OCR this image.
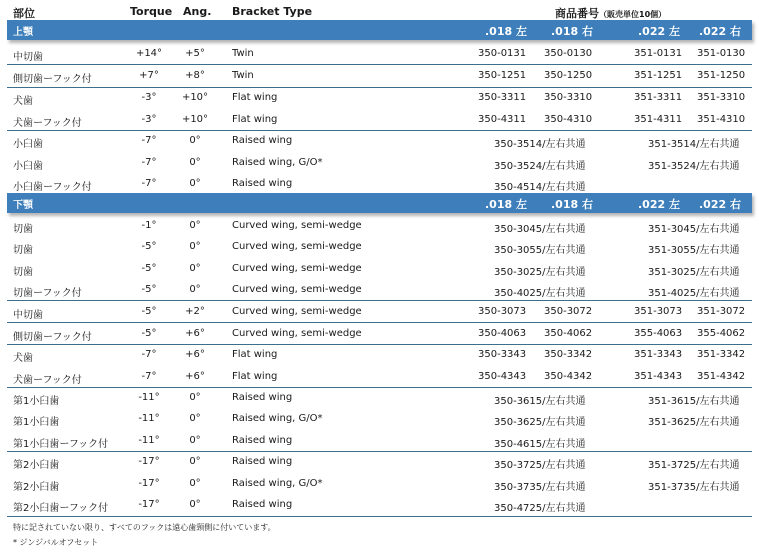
部位	Torque Ang. Bracket Type	商品番号（販売単位10個）
上顎	.018 左 .018 右	.022 左 .022 右
中切歯	+14°	+5°	Twin	350-0131 350-0130	351-0131 351-0130
側切歯ーフック付	+7°	+8°	Twin	350-1251 350-1250	351-1251 351-1250
犬歯	-3°	+10°	Flat wing	350-3311 350-3310	351-3311 351-3310
犬歯ーフック付	-3°	+10°	Flat wing	350-4311 350-4310	351-4311 351-4310
小臼歯	-7°	0°	Raised wing	350-3514/左右共通	351-3514/左右共通
小臼歯	-7°	0°	Raised wing, G/O*	350-3524/左右共通	351-3524/左右共通
小臼歯ーフック付	-7°	0°	Raised wing	350-4514/左右共通
下顎	.018 左 .018 右	.022 左 .022 右
切歯	-1°	0°	Curved wing, semi-wedge	350-3045/左右共通	351-3045/左右共通
切歯	-5°	0°	Curved wing, semi-wedge	350-3055/左右共通	351-3055/左右共通
切歯	-5°	0°	Curved wing, semi-wedge	350-3025/左右共通	351-3025/左右共通
切歯ーフック付	-5°	0°	Curved wing, semi-wedge	350-4025/左右共通	351-4025/左右共通
中切歯	-5°	+2°	Curved wing, semi-wedge	350-3073 350-3072	351-3073 351-3072
側切歯ーフック付	-5°	+6°	Curved wing, semi-wedge	350-4063 350-4062	355-4063 355-4062
犬歯	-7°	+6°	Flat wing	350-3343 350-3342	351-3343 351-3342
犬歯ーフック付	-7°	+6°	Flat wing	350-4343 350-4342	351-4343 351-4342
第1小臼歯	-11°	0°	Raised wing	350-3615/左右共通	351-3615/左右共通
第1小臼歯	-11°	0°	Raised wing, G/O*	350-3625/左右共通	351-3625/左右共通
第1小臼歯ーフック付	-11°	0°	Raised wing	350-4615/左右共通
第2小臼歯	-17°	0°	Raised wing	350-3725/左右共通	351-3725/左右共通
第2小臼歯	-17°	0°	Raised wing, G/O*	350-3735/左右共通	351-3735/左右共通
第2小臼歯ーフック付	-17°	0°	Raised wing	350-4725/左右共通
特に記されていない限り、すべてのフックは遠心歯頸側に付いています。
* ジンジバルオフセット
